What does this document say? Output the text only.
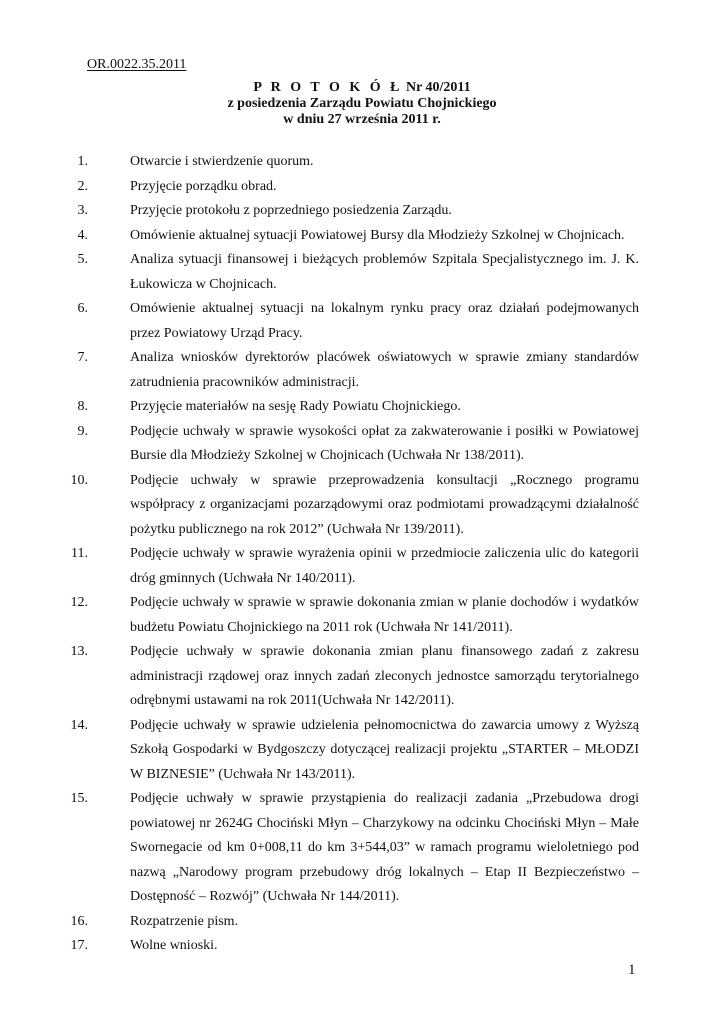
OR.0022.35.2011
P R O T O K Ó Ł Nr 40/2011
z posiedzenia Zarządu Powiatu Chojnickiego
w dniu 27 września 2011 r.
1.	Otwarcie i stwierdzenie quorum.
2.	Przyjęcie porządku obrad.
3.	Przyjęcie protokołu z poprzedniego posiedzenia Zarządu.
4.	Omówienie aktualnej sytuacji Powiatowej Bursy dla Młodzieży Szkolnej w Chojnicach.
5.	Analiza sytuacji finansowej i bieżących problemów Szpitala Specjalistycznego im. J. K. Łukowicza w Chojnicach.
6.	Omówienie aktualnej sytuacji na lokalnym rynku pracy oraz działań podejmowanych przez Powiatowy Urząd Pracy.
7.	Analiza wniosków dyrektorów placówek oświatowych w sprawie zmiany standardów zatrudnienia pracowników administracji.
8.	Przyjęcie materiałów na sesję Rady Powiatu Chojnickiego.
9.	Podjęcie uchwały w sprawie wysokości opłat za zakwaterowanie i posiłki w Powiatowej Bursie dla Młodzieży Szkolnej w Chojnicach (Uchwała Nr 138/2011).
10.	Podjęcie uchwały w sprawie przeprowadzenia konsultacji „Rocznego programu współpracy z organizacjami pozarządowymi oraz podmiotami prowadzącymi działalność pożytku publicznego na rok 2012” (Uchwała Nr 139/2011).
11.	Podjęcie uchwały w sprawie wyrażenia opinii w przedmiocie zaliczenia ulic do kategorii dróg gminnych (Uchwała Nr 140/2011).
12.	Podjęcie uchwały w sprawie w sprawie dokonania zmian w planie dochodów i wydatków budżetu Powiatu Chojnickiego na 2011 rok (Uchwała Nr 141/2011).
13.	Podjęcie uchwały w sprawie dokonania zmian planu finansowego zadań z zakresu administracji rządowej oraz innych zadań zleconych jednostce samorządu terytorialnego odrębnymi ustawami na rok 2011(Uchwała Nr 142/2011).
14.	Podjęcie uchwały w sprawie udzielenia pełnomocnictwa do zawarcia umowy z Wyższą Szkołą Gospodarki w Bydgoszczy dotyczącej realizacji projektu „STARTER – MŁODZI W BIZNESIE” (Uchwała Nr 143/2011).
15.	Podjęcie uchwały w sprawie przystąpienia do realizacji zadania „Przebudowa drogi powiatowej nr 2624G Chociński Młyn – Charzykowy na odcinku Chociński Młyn – Małe Swornegacie od km 0+008,11 do km 3+544,03” w ramach programu wieloletniego pod nazwą „Narodowy program przebudowy dróg lokalnych – Etap II Bezpieczeństwo – Dostępność – Rozwój” (Uchwała Nr 144/2011).
16.	Rozpatrzenie pism.
17.	Wolne wnioski.
1
